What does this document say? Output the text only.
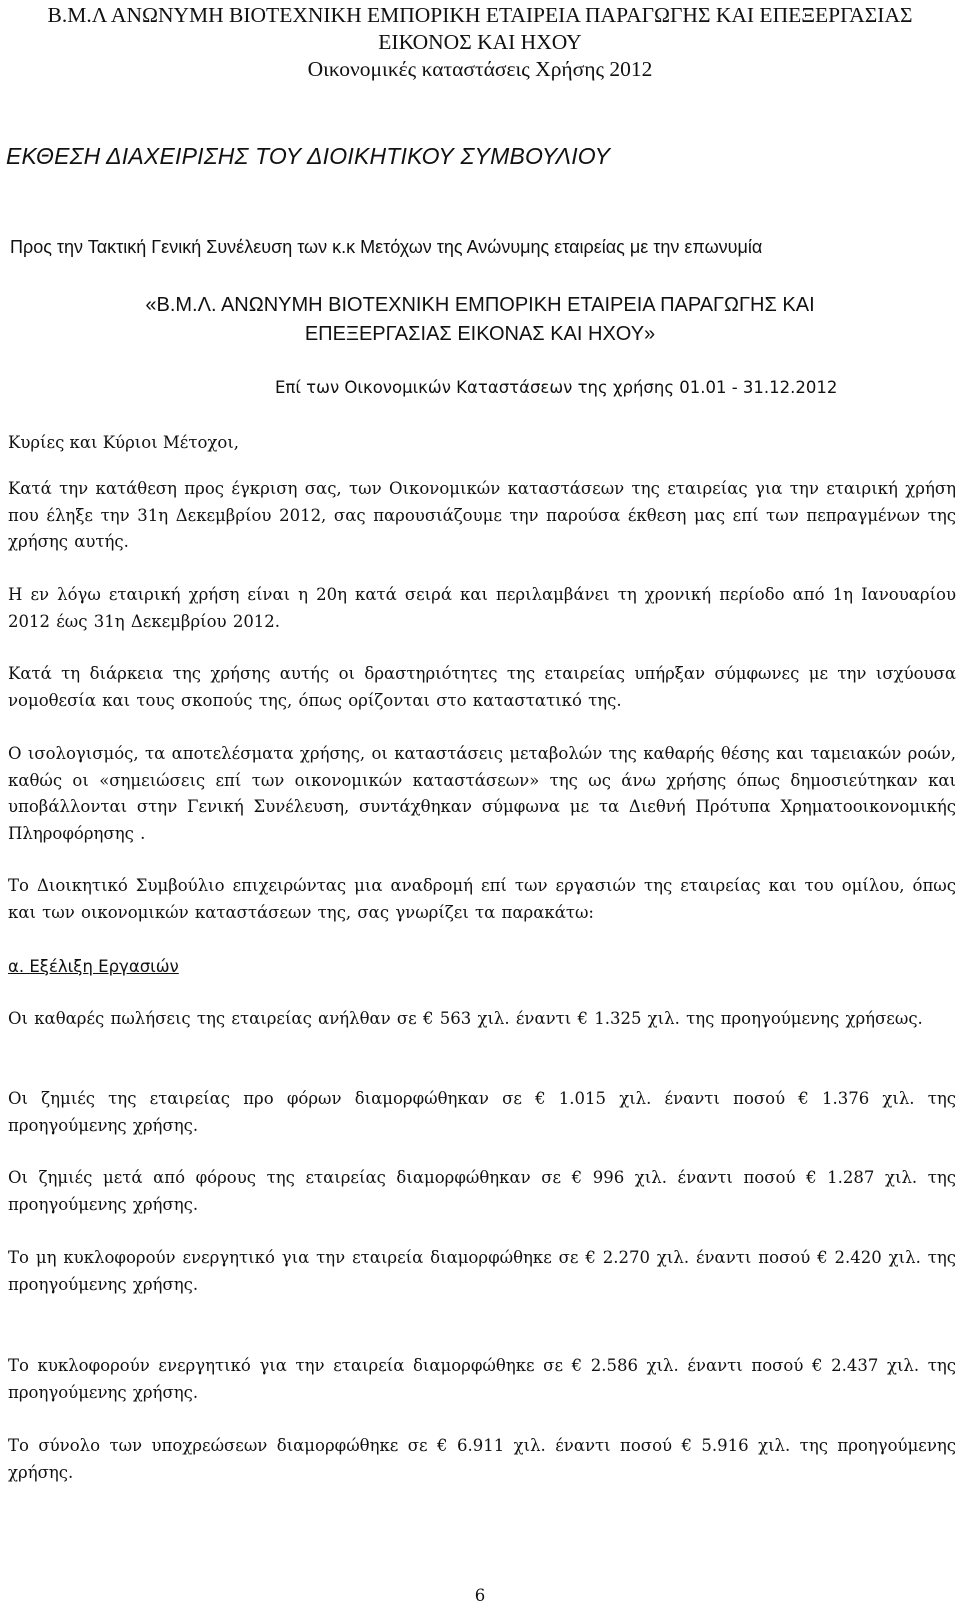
Β.Μ.Λ ΑΝΩΝΥΜΗ ΒΙΟΤΕΧΝΙΚΗ ΕΜΠΟΡΙΚΗ ΕΤΑΙΡΕΙΑ ΠΑΡΑΓΩΓΗΣ ΚΑΙ ΕΠΕΞΕΡΓΑΣΙΑΣ
ΕΙΚΟΝΟΣ ΚΑΙ ΗΧΟΥ
Οικονομικές καταστάσεις Χρήσης 2012
ΕΚΘΕΣΗ ΔΙΑΧΕΙΡΙΣΗΣ ΤΟΥ ΔΙΟΙΚΗΤΙΚΟΥ ΣΥΜΒΟΥΛΙΟΥ
Προς την Τακτική Γενική Συνέλευση των κ.κ Μετόχων της Ανώνυμης εταιρείας με την επωνυμία
«Β.Μ.Λ. ΑΝΩΝΥΜΗ ΒΙΟΤΕΧΝΙΚΗ ΕΜΠΟΡΙΚΗ ΕΤΑΙΡΕΙΑ ΠΑΡΑΓΩΓΗΣ ΚΑΙ
ΕΠΕΞΕΡΓΑΣΙΑΣ ΕΙΚΟΝΑΣ ΚΑΙ ΗΧΟΥ»
Επί των Οικονομικών Καταστάσεων της χρήσης 01.01 - 31.12.2012
Κυρίες και Κύριοι Μέτοχοι,
Κατά την κατάθεση προς έγκριση σας, των Οικονομικών καταστάσεων της εταιρείας για την εταιρική χρήση που έληξε την 31η Δεκεμβρίου 2012, σας παρουσιάζουμε την παρούσα έκθεση μας επί των πεπραγμένων της χρήσης αυτής.
Η εν λόγω εταιρική χρήση είναι η 20η κατά σειρά και περιλαμβάνει τη χρονική περίοδο από 1η Ιανουαρίου 2012 έως 31η Δεκεμβρίου 2012.
Κατά τη διάρκεια της χρήσης αυτής οι δραστηριότητες της εταιρείας υπήρξαν σύμφωνες με την ισχύουσα νομοθεσία και τους σκοπούς της, όπως ορίζονται στο καταστατικό της.
Ο ισολογισμός, τα αποτελέσματα χρήσης, οι καταστάσεις μεταβολών της καθαρής θέσης και ταμειακών ροών, καθώς οι «σημειώσεις επί των οικονομικών καταστάσεων» της ως άνω χρήσης όπως δημοσιεύτηκαν και υποβάλλονται στην Γενική Συνέλευση, συντάχθηκαν σύμφωνα με τα Διεθνή Πρότυπα Χρηματοοικονομικής Πληροφόρησης .
Το Διοικητικό Συμβούλιο επιχειρώντας μια αναδρομή επί των εργασιών της εταιρείας και του ομίλου, όπως και των οικονομικών καταστάσεων της, σας γνωρίζει τα παρακάτω:
α. Εξέλιξη Εργασιών
Οι καθαρές πωλήσεις της εταιρείας ανήλθαν σε € 563 χιλ. έναντι € 1.325 χιλ. της προηγούμενης χρήσεως.
Οι ζημιές της εταιρείας προ φόρων διαμορφώθηκαν σε € 1.015 χιλ. έναντι ποσού € 1.376 χιλ. της προηγούμενης χρήσης.
Οι ζημιές μετά από φόρους της εταιρείας διαμορφώθηκαν σε € 996 χιλ. έναντι ποσού € 1.287 χιλ. της προηγούμενης χρήσης.
Το μη κυκλοφορούν ενεργητικό για την εταιρεία διαμορφώθηκε σε € 2.270 χιλ. έναντι ποσού € 2.420 χιλ. της προηγούμενης χρήσης.
Το κυκλοφορούν ενεργητικό για την εταιρεία διαμορφώθηκε σε € 2.586 χιλ. έναντι ποσού € 2.437 χιλ. της προηγούμενης χρήσης.
Το σύνολο των υποχρεώσεων διαμορφώθηκε σε € 6.911 χιλ. έναντι ποσού € 5.916 χιλ. της προηγούμενης χρήσης.
6
